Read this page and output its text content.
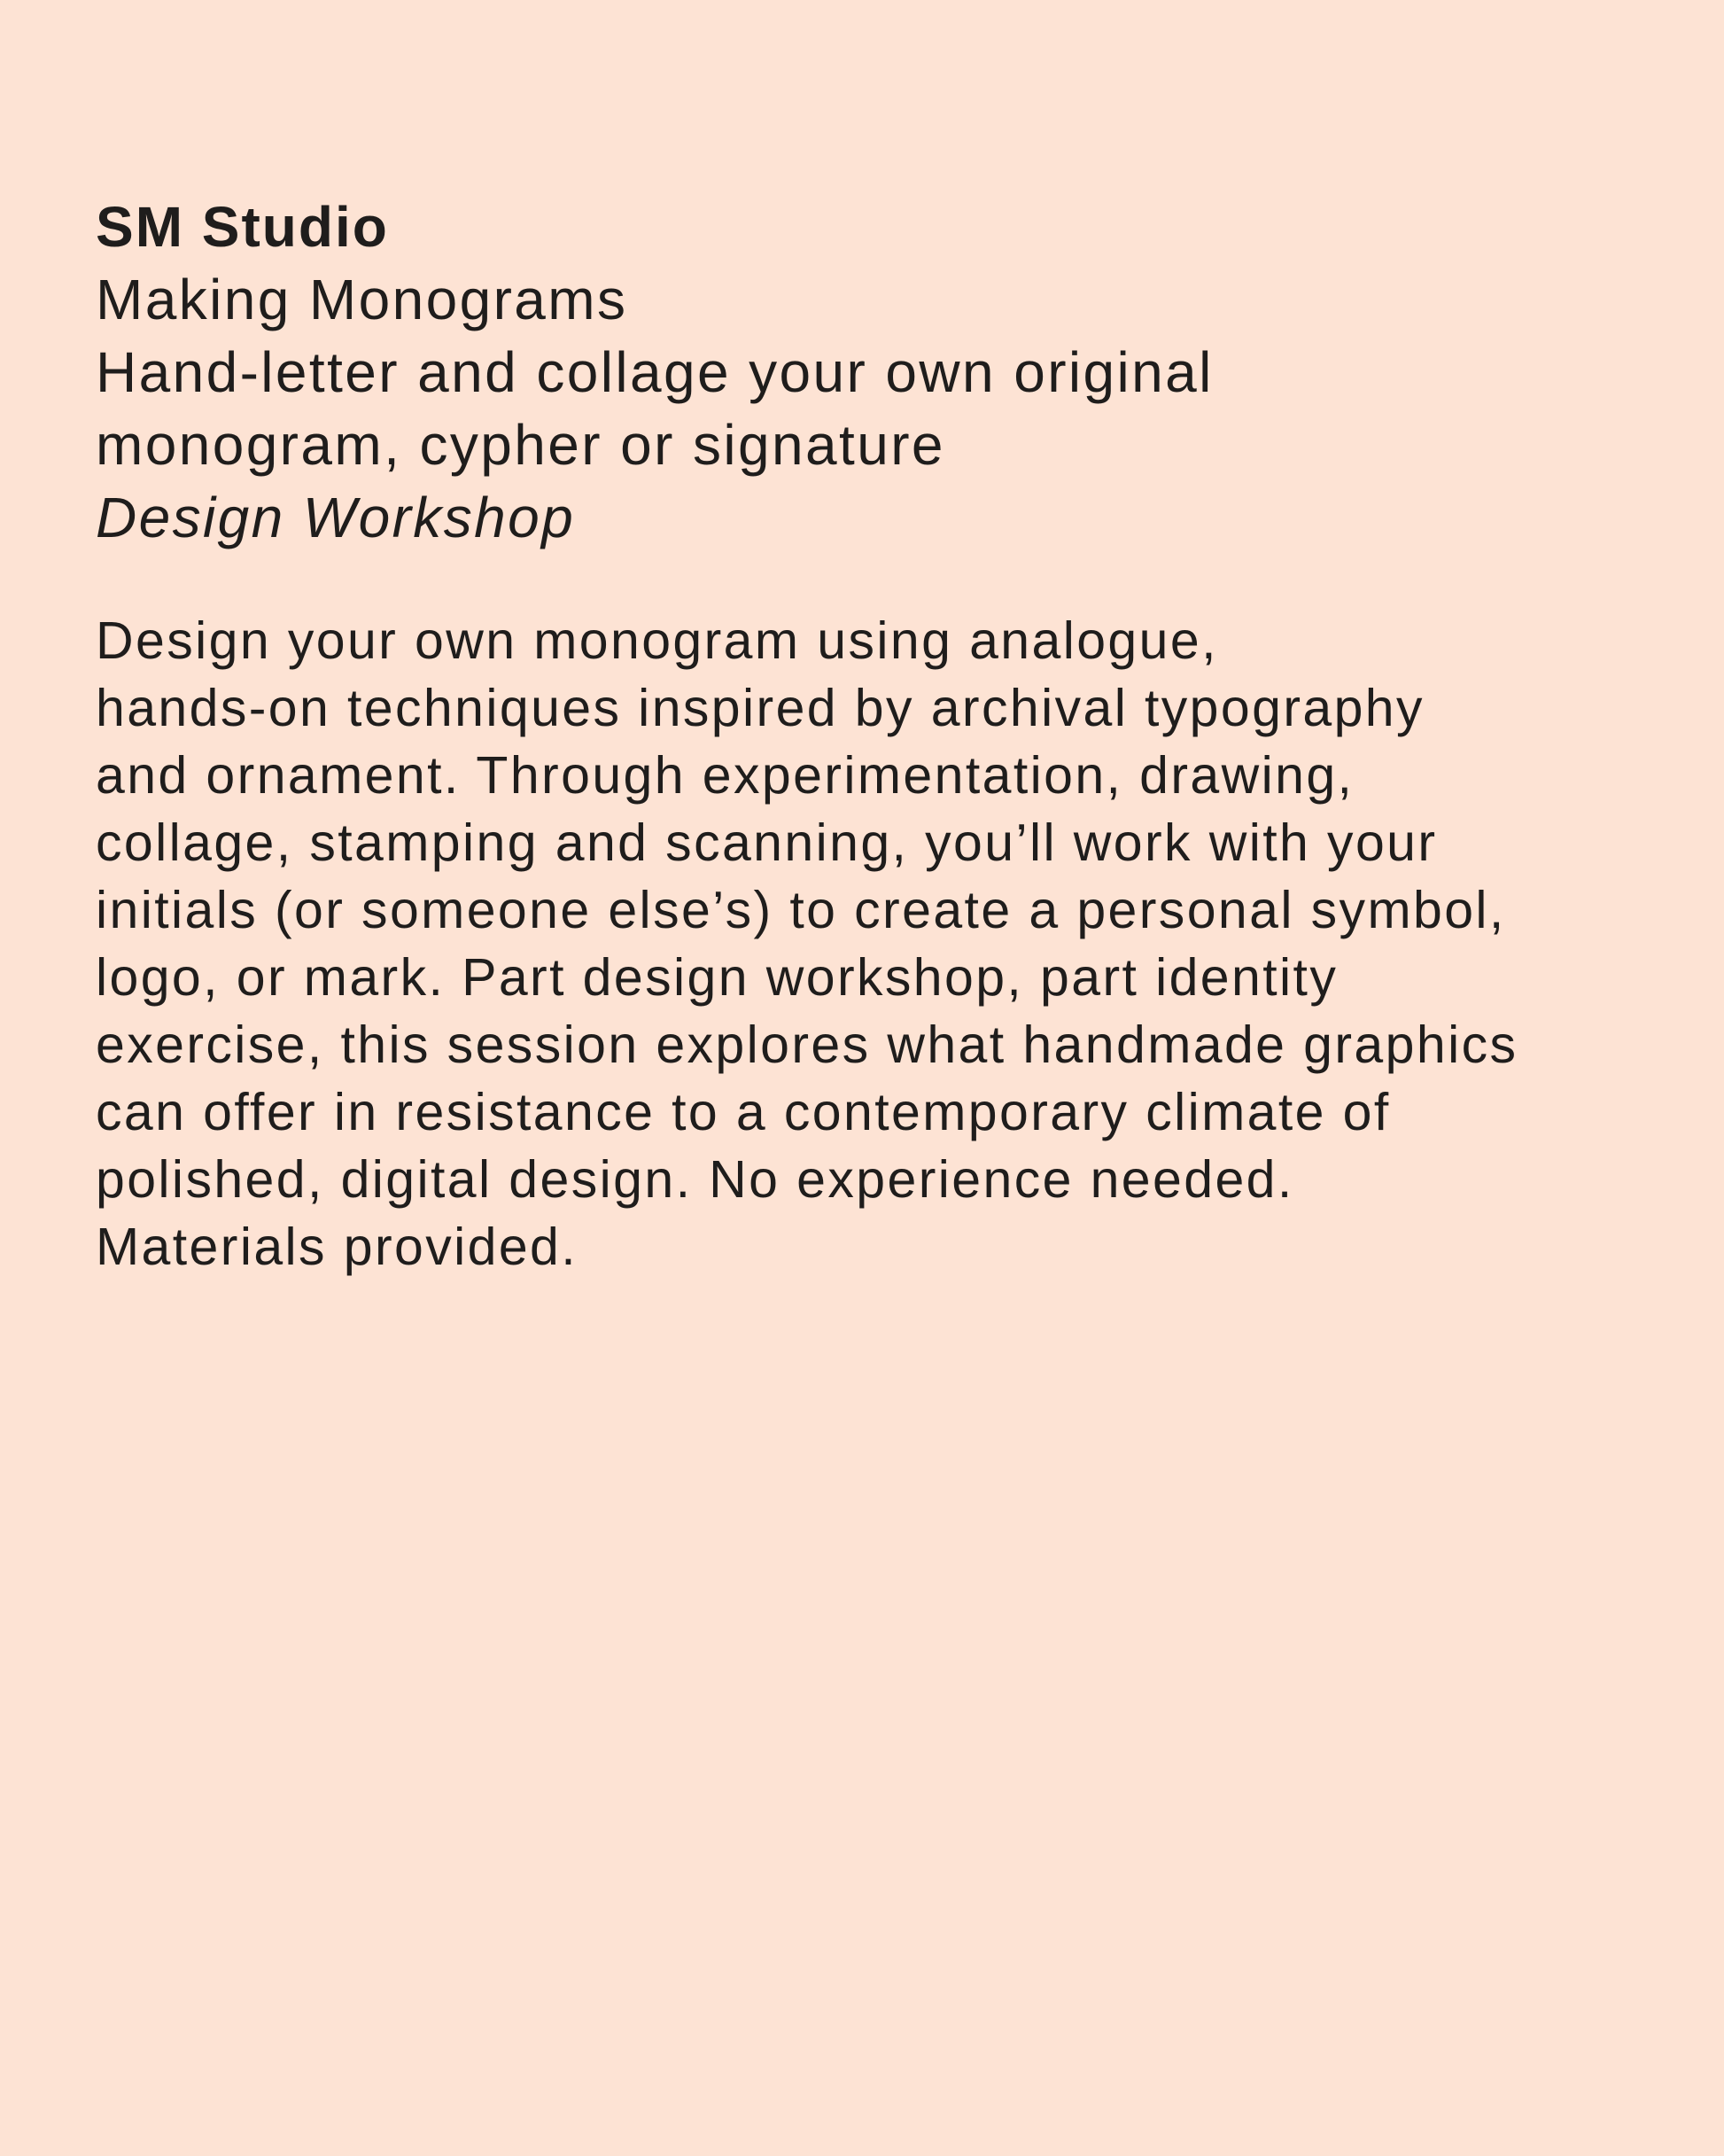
SM Studio
Making Monograms
Hand-letter and collage your own original
monogram, cypher or signature
Design Workshop

Design your own monogram using analogue,
hands-on techniques inspired by archival typography
and ornament. Through experimentation, drawing,
collage, stamping and scanning, you’ll work with your
initials (or someone else’s) to create a personal symbol,
logo, or mark. Part design workshop, part identity
exercise, this session explores what handmade graphics
can offer in resistance to a contemporary climate of
polished, digital design. No experience needed.
Materials provided.
